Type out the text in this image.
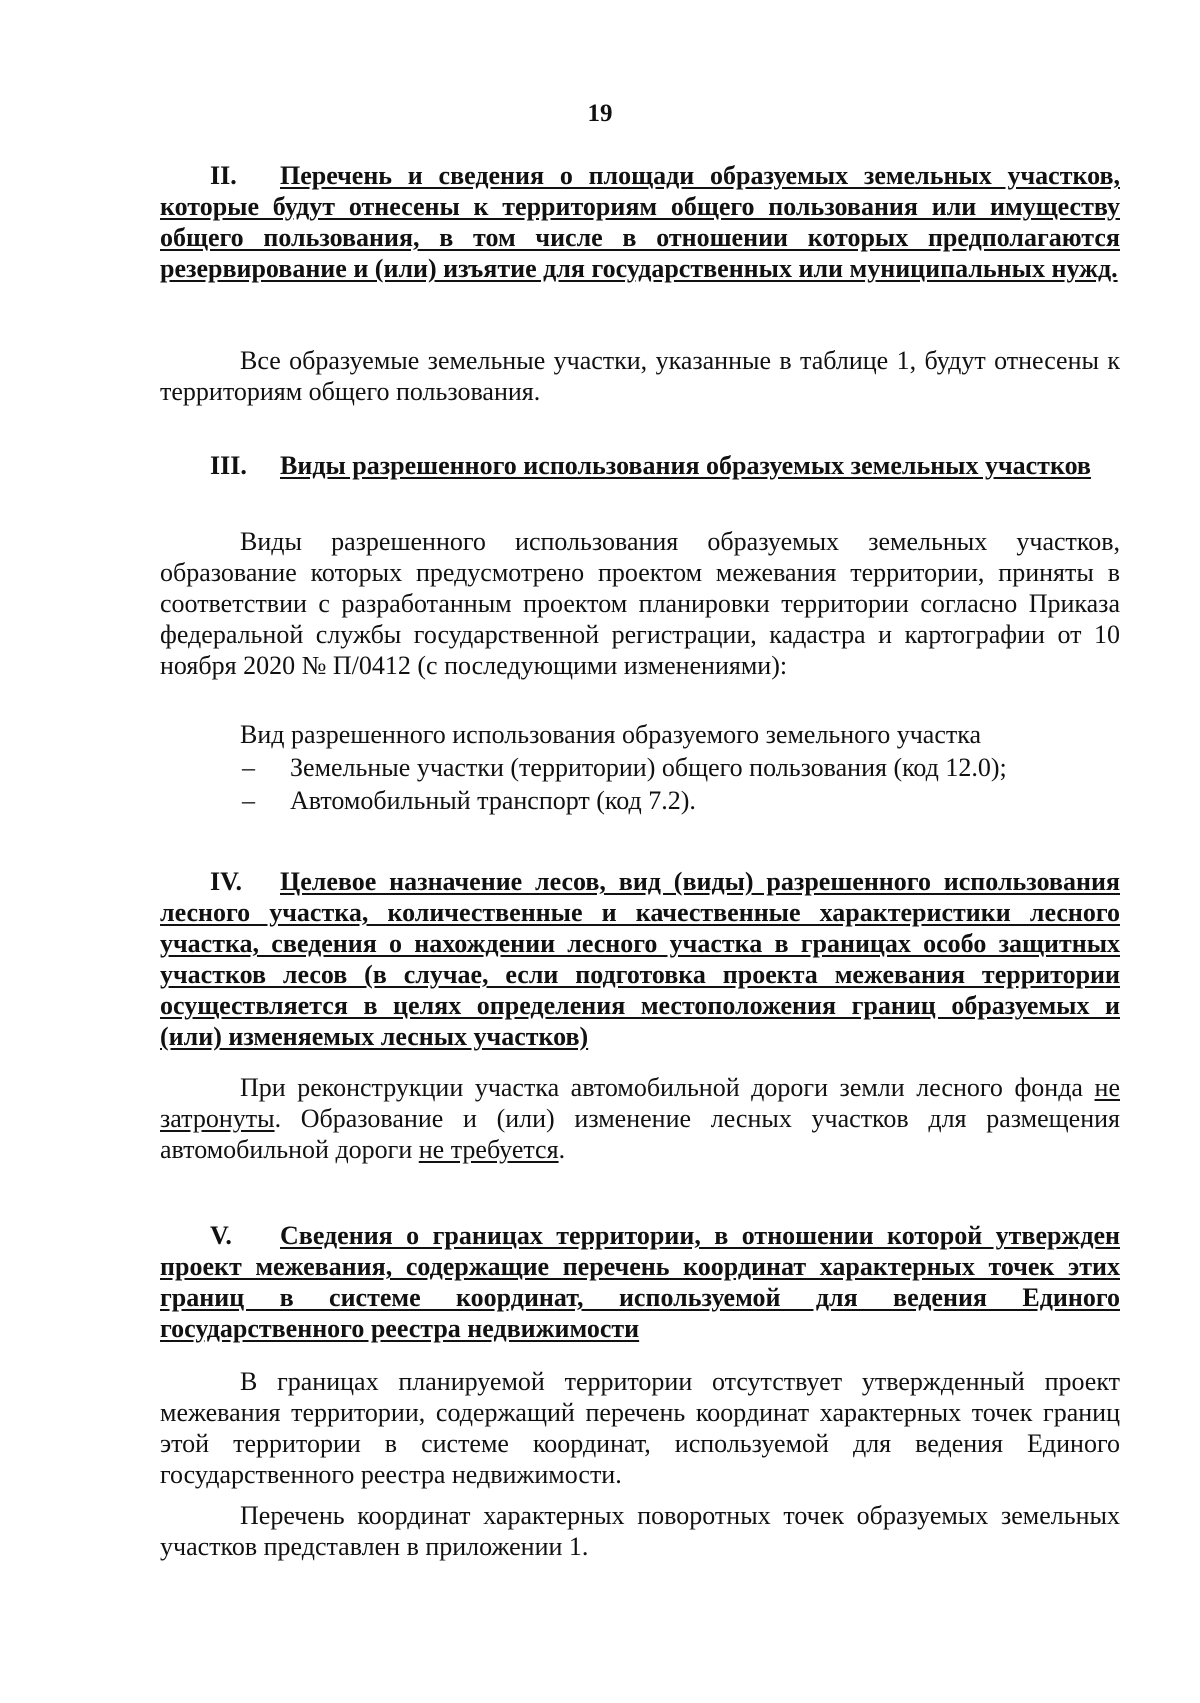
19
II. Перечень и сведения о площади образуемых земельных участков, которые будут отнесены к территориям общего пользования или имуществу общего пользования, в том числе в отношении которых предполагаются резервирование и (или) изъятие для государственных или муниципальных нужд.
Все образуемые земельные участки, указанные в таблице 1, будут отнесены к территориям общего пользования.
III. Виды разрешенного использования образуемых земельных участков
Виды разрешенного использования образуемых земельных участков, образование которых предусмотрено проектом межевания территории, приняты в соответствии с разработанным проектом планировки территории согласно Приказа федеральной службы государственной регистрации, кадастра и картографии от 10 ноября 2020 № П/0412 (с последующими изменениями):
Вид разрешенного использования образуемого земельного участка
– Земельные участки (территории) общего пользования (код 12.0);
– Автомобильный транспорт (код 7.2).
IV. Целевое назначение лесов, вид (виды) разрешенного использования лесного участка, количественные и качественные характеристики лесного участка, сведения о нахождении лесного участка в границах особо защитных участков лесов (в случае, если подготовка проекта межевания территории осуществляется в целях определения местоположения границ образуемых и (или) изменяемых лесных участков)
При реконструкции участка автомобильной дороги земли лесного фонда не затронуты. Образование и (или) изменение лесных участков для размещения автомобильной дороги не требуется.
V. Сведения о границах территории, в отношении которой утвержден проект межевания, содержащие перечень координат характерных точек этих границ в системе координат, используемой для ведения Единого государственного реестра недвижимости
В границах планируемой территории отсутствует утвержденный проект межевания территории, содержащий перечень координат характерных точек границ этой территории в системе координат, используемой для ведения Единого государственного реестра недвижимости.
Перечень координат характерных поворотных точек образуемых земельных участков представлен в приложении 1.
